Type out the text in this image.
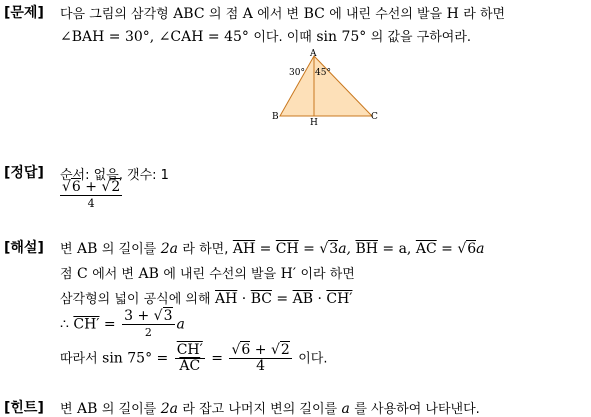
[문제]
[정답]
[해설]
[힌트]
다음 그림의 삼각형 ABC 의 점 A 에서 변 BC 에 내린 수선의 발을 H 라 하면
∠BAH = 30°, ∠CAH = 45° 이다. 이때 sin 75° 의 값을 구하여라.
A
B	C
H
30° 45°
순서: 없음, 갯수: 1
$\frac{√6 + √2}{4}$
변 AB 의 길이를 2a 라 하면, $\overline{AH} = \overline{CH} = √3a$, $\overline{BH} = a$, $\overline{AC} = √6a$
점 C 에서 변 AB 에 내린 수선의 발을 H′ 이라 하면
삼각형의 넓이 공식에 의해 $\overline{AH} \cdot \overline{BC} = \overline{AB} \cdot CH'$
∴ $CH' = \frac{3 + √3}{2}$ a
따라서 $\sin 75^\circ = \frac{CH'}{AC} = \frac{√6 + √2}{4}$ 이다.
변 AB 의 길이를 2a 라 잡고 나머지 변의 길이를 a 를 사용하여 나타낸다.
